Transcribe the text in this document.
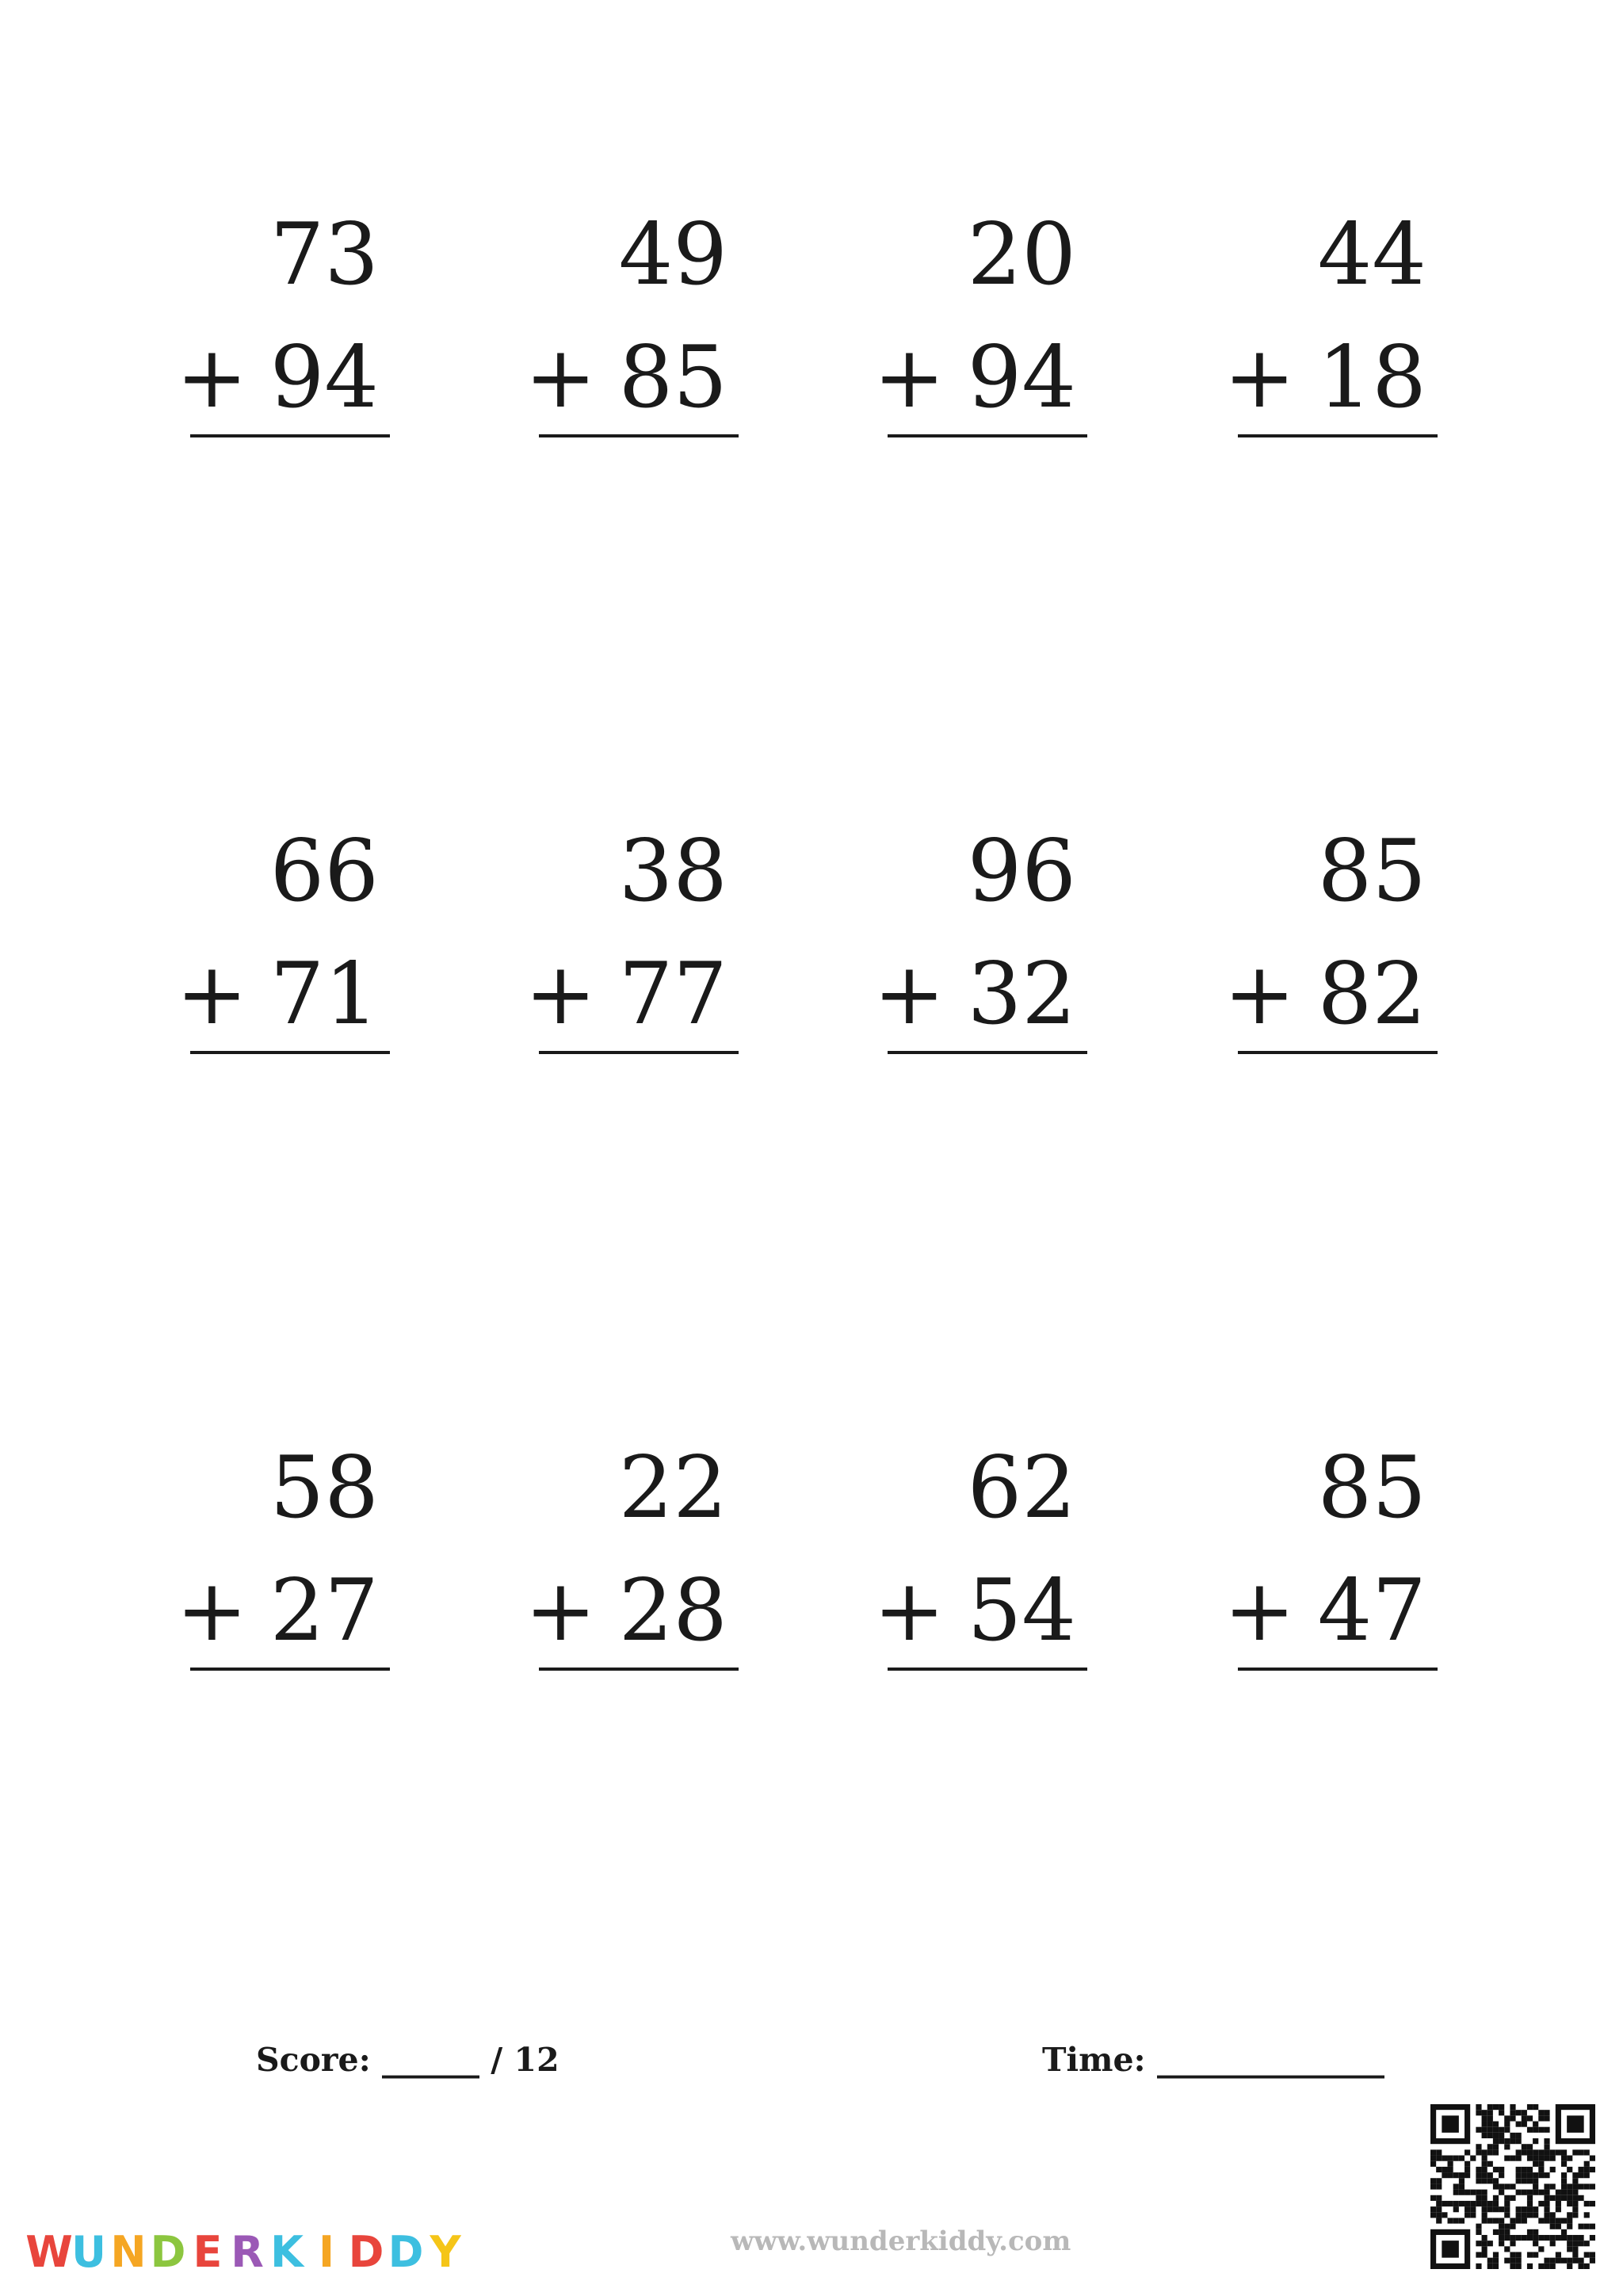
73
+ 94
49
+ 85
20
+ 94
44
+ 18
66
+ 71
38
+ 77
96
+ 32
85
+ 82
58
+ 27
22
+ 28
62
+ 54
85
+ 47
Score: ______ / 12	Time: ______________
www.wunderkiddy.com
W
U N D E R K I D D Y
